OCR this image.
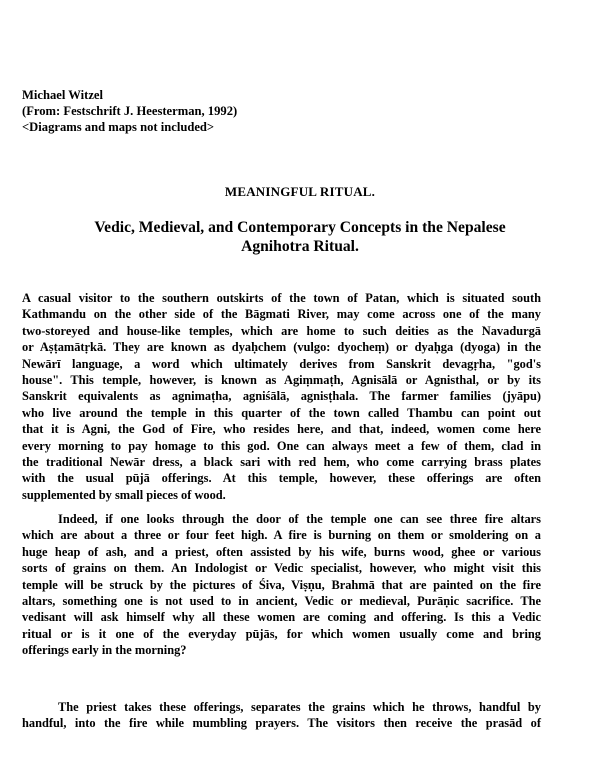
Michael Witzel
(From: Festschrift J. Heesterman, 1992)
<Diagrams and maps not included>
MEANINGFUL RITUAL.
Vedic, Medieval, and Contemporary Concepts in the Nepalese
Agnihotra Ritual.
A casual visitor to the southern outskirts of the town of Patan, which is situated south
Kathmandu on the other side of the Bāgmati River, may come across one of the many
two-storeyed and house-like temples, which are home to such deities as the Navadurgā
or Aṣṭamātṛkā. They are known as dyaḥchem (vulgo: dyocheṃ) or dyaḥga (dyoga) in the
Newārī language, a word which ultimately derives from Sanskrit devagṛha, "god's
house". This temple, however, is known as Agiṃmaṭh, Agnisālā or Agnisthal, or by its
Sanskrit equivalents as agnimaṭha, agniśālā, agnisṭhala. The farmer families (jyāpu)
who live around the temple in this quarter of the town called Thambu can point out
that it is Agni, the God of Fire, who resides here, and that, indeed, women come here
every morning to pay homage to this god. One can always meet a few of them, clad in
the traditional Newār dress, a black sari with red hem, who come carrying brass plates
with the usual pūjā offerings. At this temple, however, these offerings are often
supplemented by small pieces of wood.
Indeed, if one looks through the door of the temple one can see three fire altars
which are about a three or four feet high. A fire is burning on them or smoldering on a
huge heap of ash, and a priest, often assisted by his wife, burns wood, ghee or various
sorts of grains on them. An Indologist or Vedic specialist, however, who might visit this
temple will be struck by the pictures of Śiva, Viṣṇu, Brahmā that are painted on the fire
altars, something one is not used to in ancient, Vedic or medieval, Purāṇic sacrifice. The
vedisant will ask himself why all these women are coming and offering. Is this a Vedic
ritual or is it one of the everyday pūjās, for which women usually come and bring
offerings early in the morning?
The priest takes these offerings, separates the grains which he throws, handful by
handful, into the fire while mumbling prayers. The visitors then receive the prasād of
